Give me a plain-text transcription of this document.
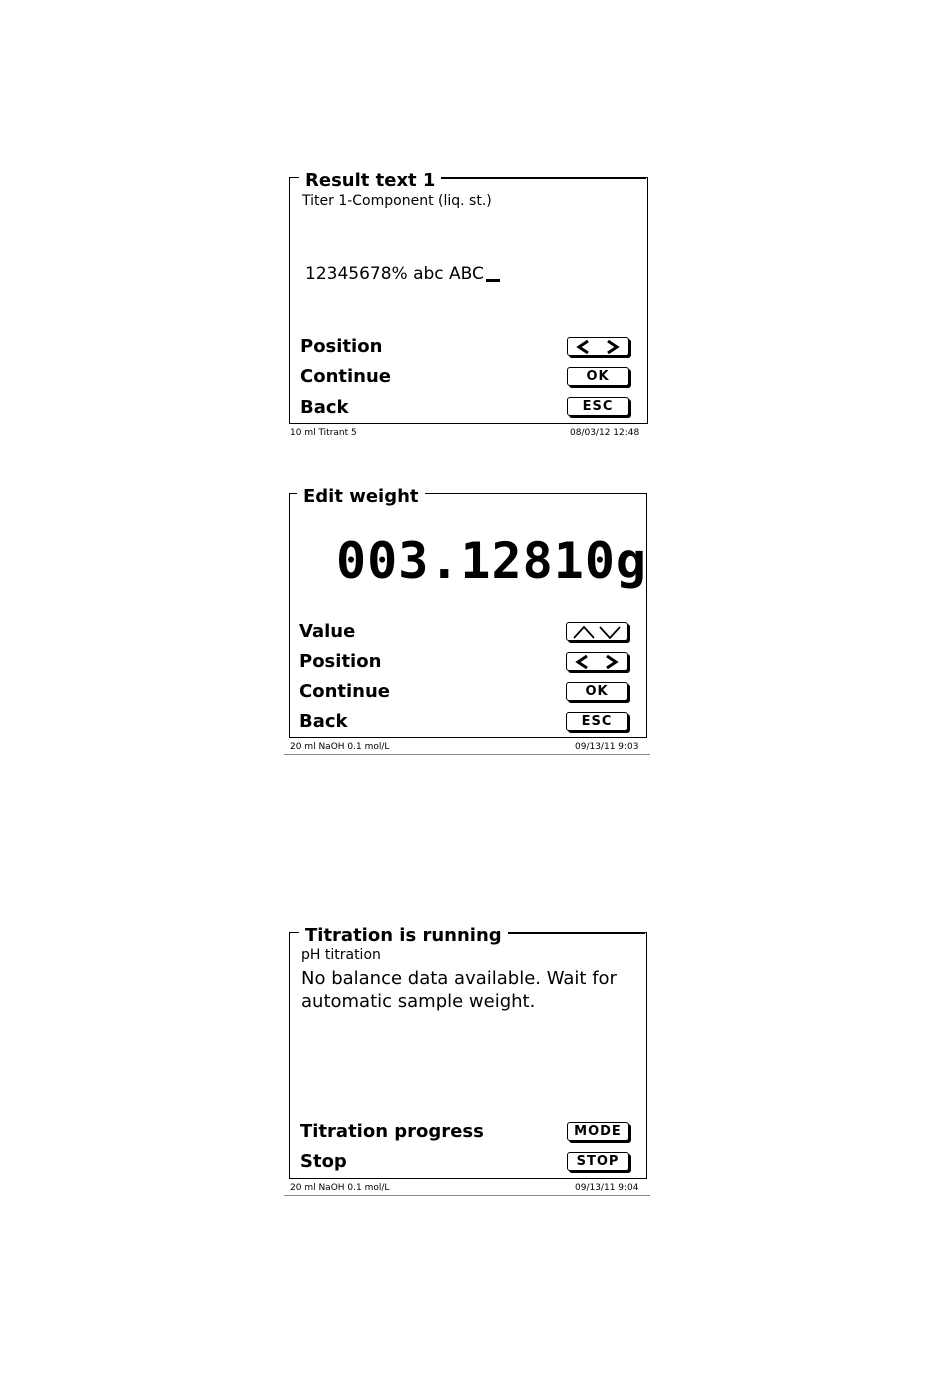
Result text 1
Titer 1-Component (liq. st.)
12345678% abc ABC
Position
Continue	OK
Back	ESC
10 ml Titrant 5	08/03/12 12:48
Edit weight
003.12810g
Value
Position
Continue	OK
Back	ESC
20 ml NaOH 0.1 mol/L	09/13/11 9:03
Titration is running
pH titration
No balance data available. Wait for automatic sample weight.
Titration progress	MODE
Stop	STOP
20 ml NaOH 0.1 mol/L	09/13/11 9:04
